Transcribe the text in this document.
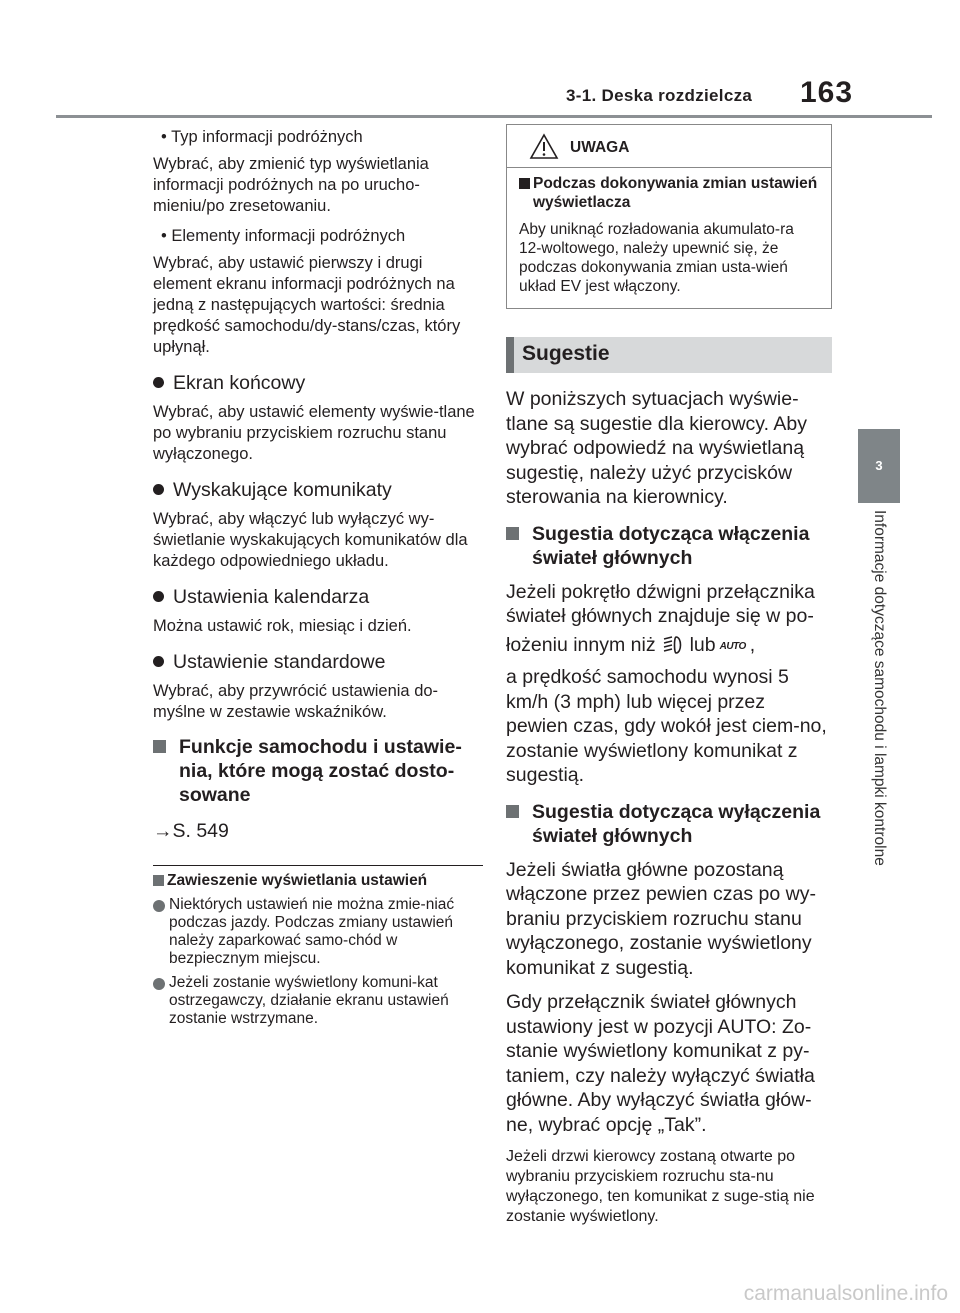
3-1. Deska rozdzielcza 163
3
Informacje dotyczące samochodu i lampki kontrolne

• Typ informacji podróżnych

Wybrać, aby zmienić typ wyświetlania informacji podróżnych na po urucho-mieniu/po zresetowaniu.

• Elementy informacji podróżnych

Wybrać, aby ustawić pierwszy i drugi element ekranu informacji podróżnych na jedną z następujących wartości: średnia prędkość samochodu/dy-stans/czas, który upłynął.

Ekran końcowy

Wybrać, aby ustawić elementy wyświe-tlane po wybraniu przyciskiem rozruchu stanu wyłączonego.

Wyskakujące komunikaty

Wybrać, aby włączyć lub wyłączyć wy-świetlanie wyskakujących komunikatów dla każdego odpowiedniego układu.

Ustawienia kalendarza

Można ustawić rok, miesiąc i dzień.

Ustawienie standardowe

Wybrać, aby przywrócić ustawienia do-myślne w zestawie wskaźników.

Funkcje samochodu i ustawie-nia, które mogą zostać dosto-sowane

→S. 549

Zawieszenie wyświetlania ustawień

Niektórych ustawień nie można zmie-niać podczas jazdy. Podczas zmiany ustawień należy zaparkować samo-chód w bezpiecznym miejscu.

Jeżeli zostanie wyświetlony komuni-kat ostrzegawczy, działanie ekranu ustawień zostanie wstrzymane.

UWAGA

Podczas dokonywania zmian ustawień wyświetlacza

Aby uniknąć rozładowania akumulato-ra 12-woltowego, należy upewnić się, że podczas dokonywania zmian usta-wień układ EV jest włączony.

Sugestie

W poniższych sytuacjach wyświe-tlane są sugestie dla kierowcy. Aby wybrać odpowiedź na wyświetlaną sugestię, należy użyć przycisków sterowania na kierownicy.

Sugestia dotycząca włączenia świateł głównych

Jeżeli pokrętło dźwigni przełącznika świateł głównych znajduje się w po-

łożeniu innym niż lub AUTO ,

a prędkość samochodu wynosi 5 km/h (3 mph) lub więcej przez pewien czas, gdy wokół jest ciem-no, zostanie wyświetlony komunikat z sugestią.

Sugestia dotycząca wyłączenia świateł głównych

Jeżeli światła główne pozostaną włączone przez pewien czas po wy-braniu przyciskiem rozruchu stanu wyłączonego, zostanie wyświetlony komunikat z sugestią.

Gdy przełącznik świateł głównych ustawiony jest w pozycji AUTO: Zo-stanie wyświetlony komunikat z py-taniem, czy należy wyłączyć światła główne. Aby wyłączyć światła głów-ne, wybrać opcję „Tak”.

Jeżeli drzwi kierowcy zostaną otwarte po wybraniu przyciskiem rozruchu sta-nu wyłączonego, ten komunikat z suge-stią nie zostanie wyświetlony.

carmanualsonline.info
